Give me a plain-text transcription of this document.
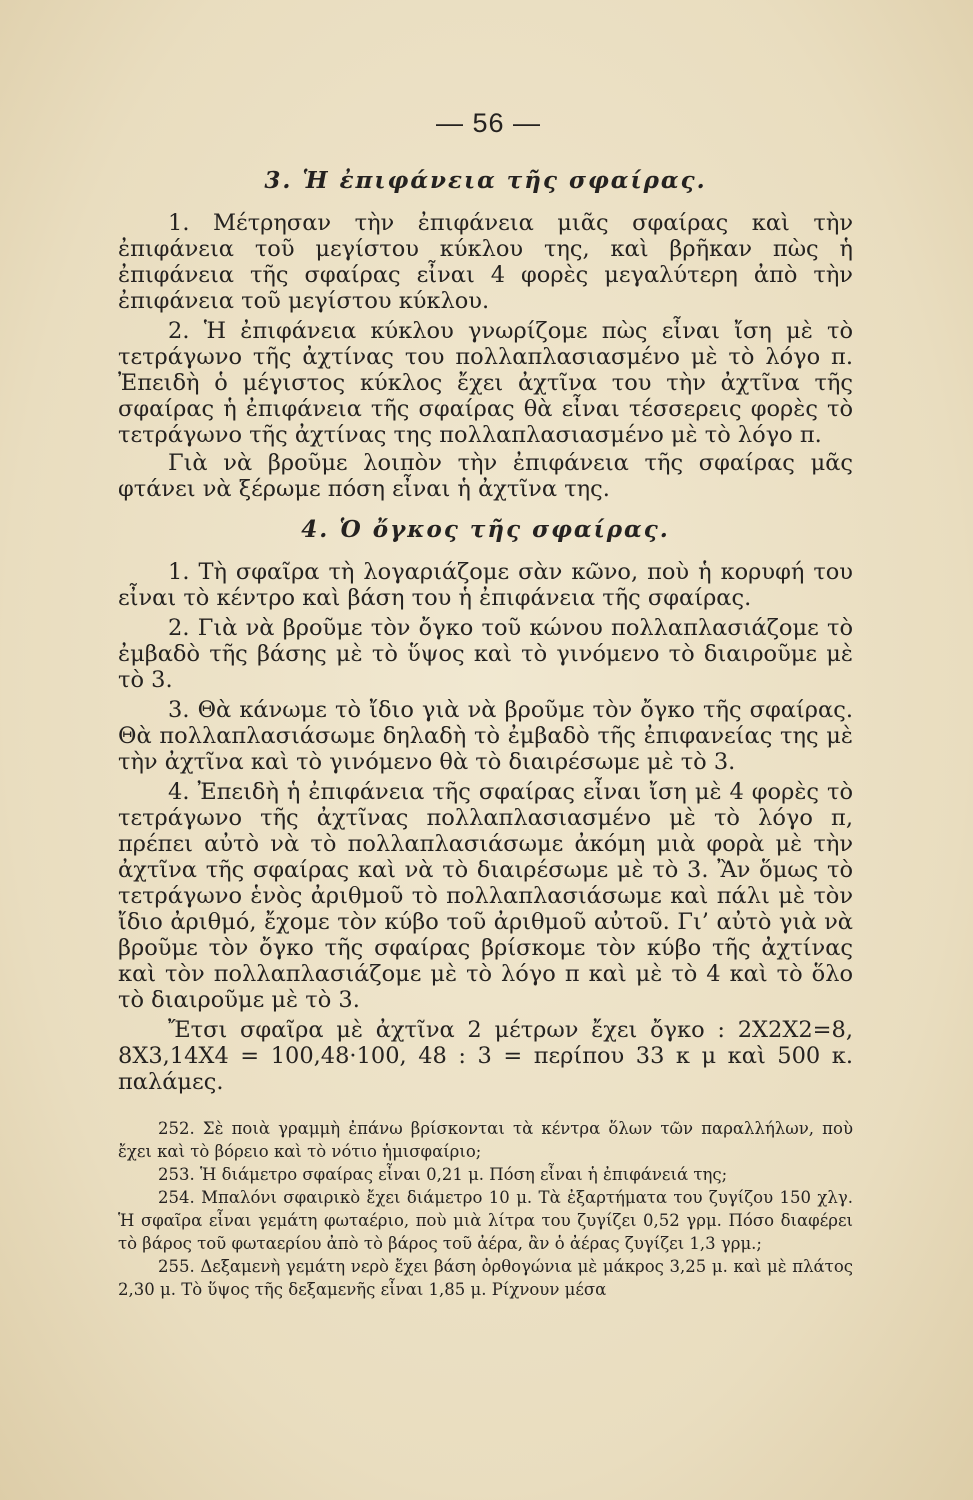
— 56 —
3. Ἡ ἐπιφάνεια τῆς σφαίρας.

1. Μέτρησαν τὴν ἐπιφάνεια μιᾶς σφαίρας καὶ τὴν ἐπιφάνεια τοῦ μεγίστου κύκλου της, καὶ βρῆκαν πὼς ἡ ἐπιφάνεια τῆς σφαίρας εἶναι 4 φορὲς μεγαλύτερη ἀπὸ τὴν ἐπιφάνεια τοῦ μεγίστου κύκλου.

2. Ἡ ἐπιφάνεια κύκλου γνωρίζομε πὼς εἶναι ἴση μὲ τὸ τετράγωνο τῆς ἀχτίνας του πολλαπλασιασμένο μὲ τὸ λόγο π. Ἐπειδὴ ὁ μέγιστος κύκλος ἔχει ἀχτῖνα του τὴν ἀχτῖνα τῆς σφαίρας ἡ ἐπιφάνεια τῆς σφαίρας θὰ εἶναι τέσσερεις φορὲς τὸ τετράγωνο τῆς ἀχτίνας της πολλαπλασιασμένο μὲ τὸ λόγο π.

Γιὰ νὰ βροῦμε λοιπὸν τὴν ἐπιφάνεια τῆς σφαίρας μᾶς φτάνει νὰ ξέρωμε πόση εἶναι ἡ ἀχτῖνα της.

4. Ὁ ὄγκος τῆς σφαίρας.

1. Τὴ σφαῖρα τὴ λογαριάζομε σὰν κῶνο, ποὺ ἡ κορυφή του εἶναι τὸ κέντρο καὶ βάση του ἡ ἐπιφάνεια τῆς σφαίρας.

2. Γιὰ νὰ βροῦμε τὸν ὄγκο τοῦ κώνου πολλαπλασιάζομε τὸ ἐμβαδὸ τῆς βάσης μὲ τὸ ὕψος καὶ τὸ γινόμενο τὸ διαιροῦμε μὲ τὸ 3.

3. Θὰ κάνωμε τὸ ἴδιο γιὰ νὰ βροῦμε τὸν ὄγκο τῆς σφαίρας. Θὰ πολλαπλασιάσωμε δηλαδὴ τὸ ἐμβαδὸ τῆς ἐπιφανείας της μὲ τὴν ἀχτῖνα καὶ τὸ γινόμενο θὰ τὸ διαιρέσωμε μὲ τὸ 3.

4. Ἐπειδὴ ἡ ἐπιφάνεια τῆς σφαίρας εἶναι ἴση μὲ 4 φορὲς τὸ τετράγωνο τῆς ἀχτῖνας πολλαπλασιασμένο μὲ τὸ λόγο π, πρέπει αὐτὸ νὰ τὸ πολλαπλασιάσωμε ἀκόμη μιὰ φορὰ μὲ τὴν ἀχτῖνα τῆς σφαίρας καὶ νὰ τὸ διαιρέσωμε μὲ τὸ 3. Ἂν ὅμως τὸ τετράγωνο ἑνὸς ἀριθμοῦ τὸ πολλαπλασιάσωμε καὶ πάλι μὲ τὸν ἴδιο ἀριθμό, ἔχομε τὸν κύβο τοῦ ἀριθμοῦ αὐτοῦ. Γι’ αὐτὸ γιὰ νὰ βροῦμε τὸν ὄγκο τῆς σφαίρας βρίσκομε τὸν κύβο τῆς ἀχτίνας καὶ τὸν πολλαπλασιάζομε μὲ τὸ λόγο π καὶ μὲ τὸ 4 καὶ τὸ ὅλο τὸ διαιροῦμε μὲ τὸ 3.

Ἔτσι σφαῖρα μὲ ἀχτῖνα 2 μέτρων ἔχει ὄγκο : 2Χ2Χ2=8, 8Χ3,14Χ4 = 100,48·100, 48 : 3 = περίπου 33 κ μ καὶ 500 κ. παλάμες.

252. Σὲ ποιὰ γραμμὴ ἐπάνω βρίσκονται τὰ κέντρα ὅλων τῶν παραλλήλων, ποὺ ἔχει καὶ τὸ βόρειο καὶ τὸ νότιο ἡμισφαίριο;

253. Ἡ διάμετρο σφαίρας εἶναι 0,21 μ. Πόση εἶναι ἡ ἐπιφάνειά της;

254. Μπαλόνι σφαιρικὸ ἔχει διάμετρο 10 μ. Τὰ ἐξαρτήματα του ζυγίζου 150 χλγ. Ἡ σφαῖρα εἶναι γεμάτη φωταέριο, ποὺ μιὰ λίτρα του ζυγίζει 0,52 γρμ. Πόσο διαφέρει τὸ βάρος τοῦ φωταερίου ἀπὸ τὸ βάρος τοῦ ἀέρα, ἂν ὁ ἀέρας ζυγίζει 1,3 γρμ.;

255. Δεξαμενὴ γεμάτη νερὸ ἔχει βάση ὀρθογώνια μὲ μάκρος 3,25 μ. καὶ μὲ πλάτος 2,30 μ. Τὸ ὕψος τῆς δεξαμενῆς εἶναι 1,85 μ. Ρίχνουν μέσα
